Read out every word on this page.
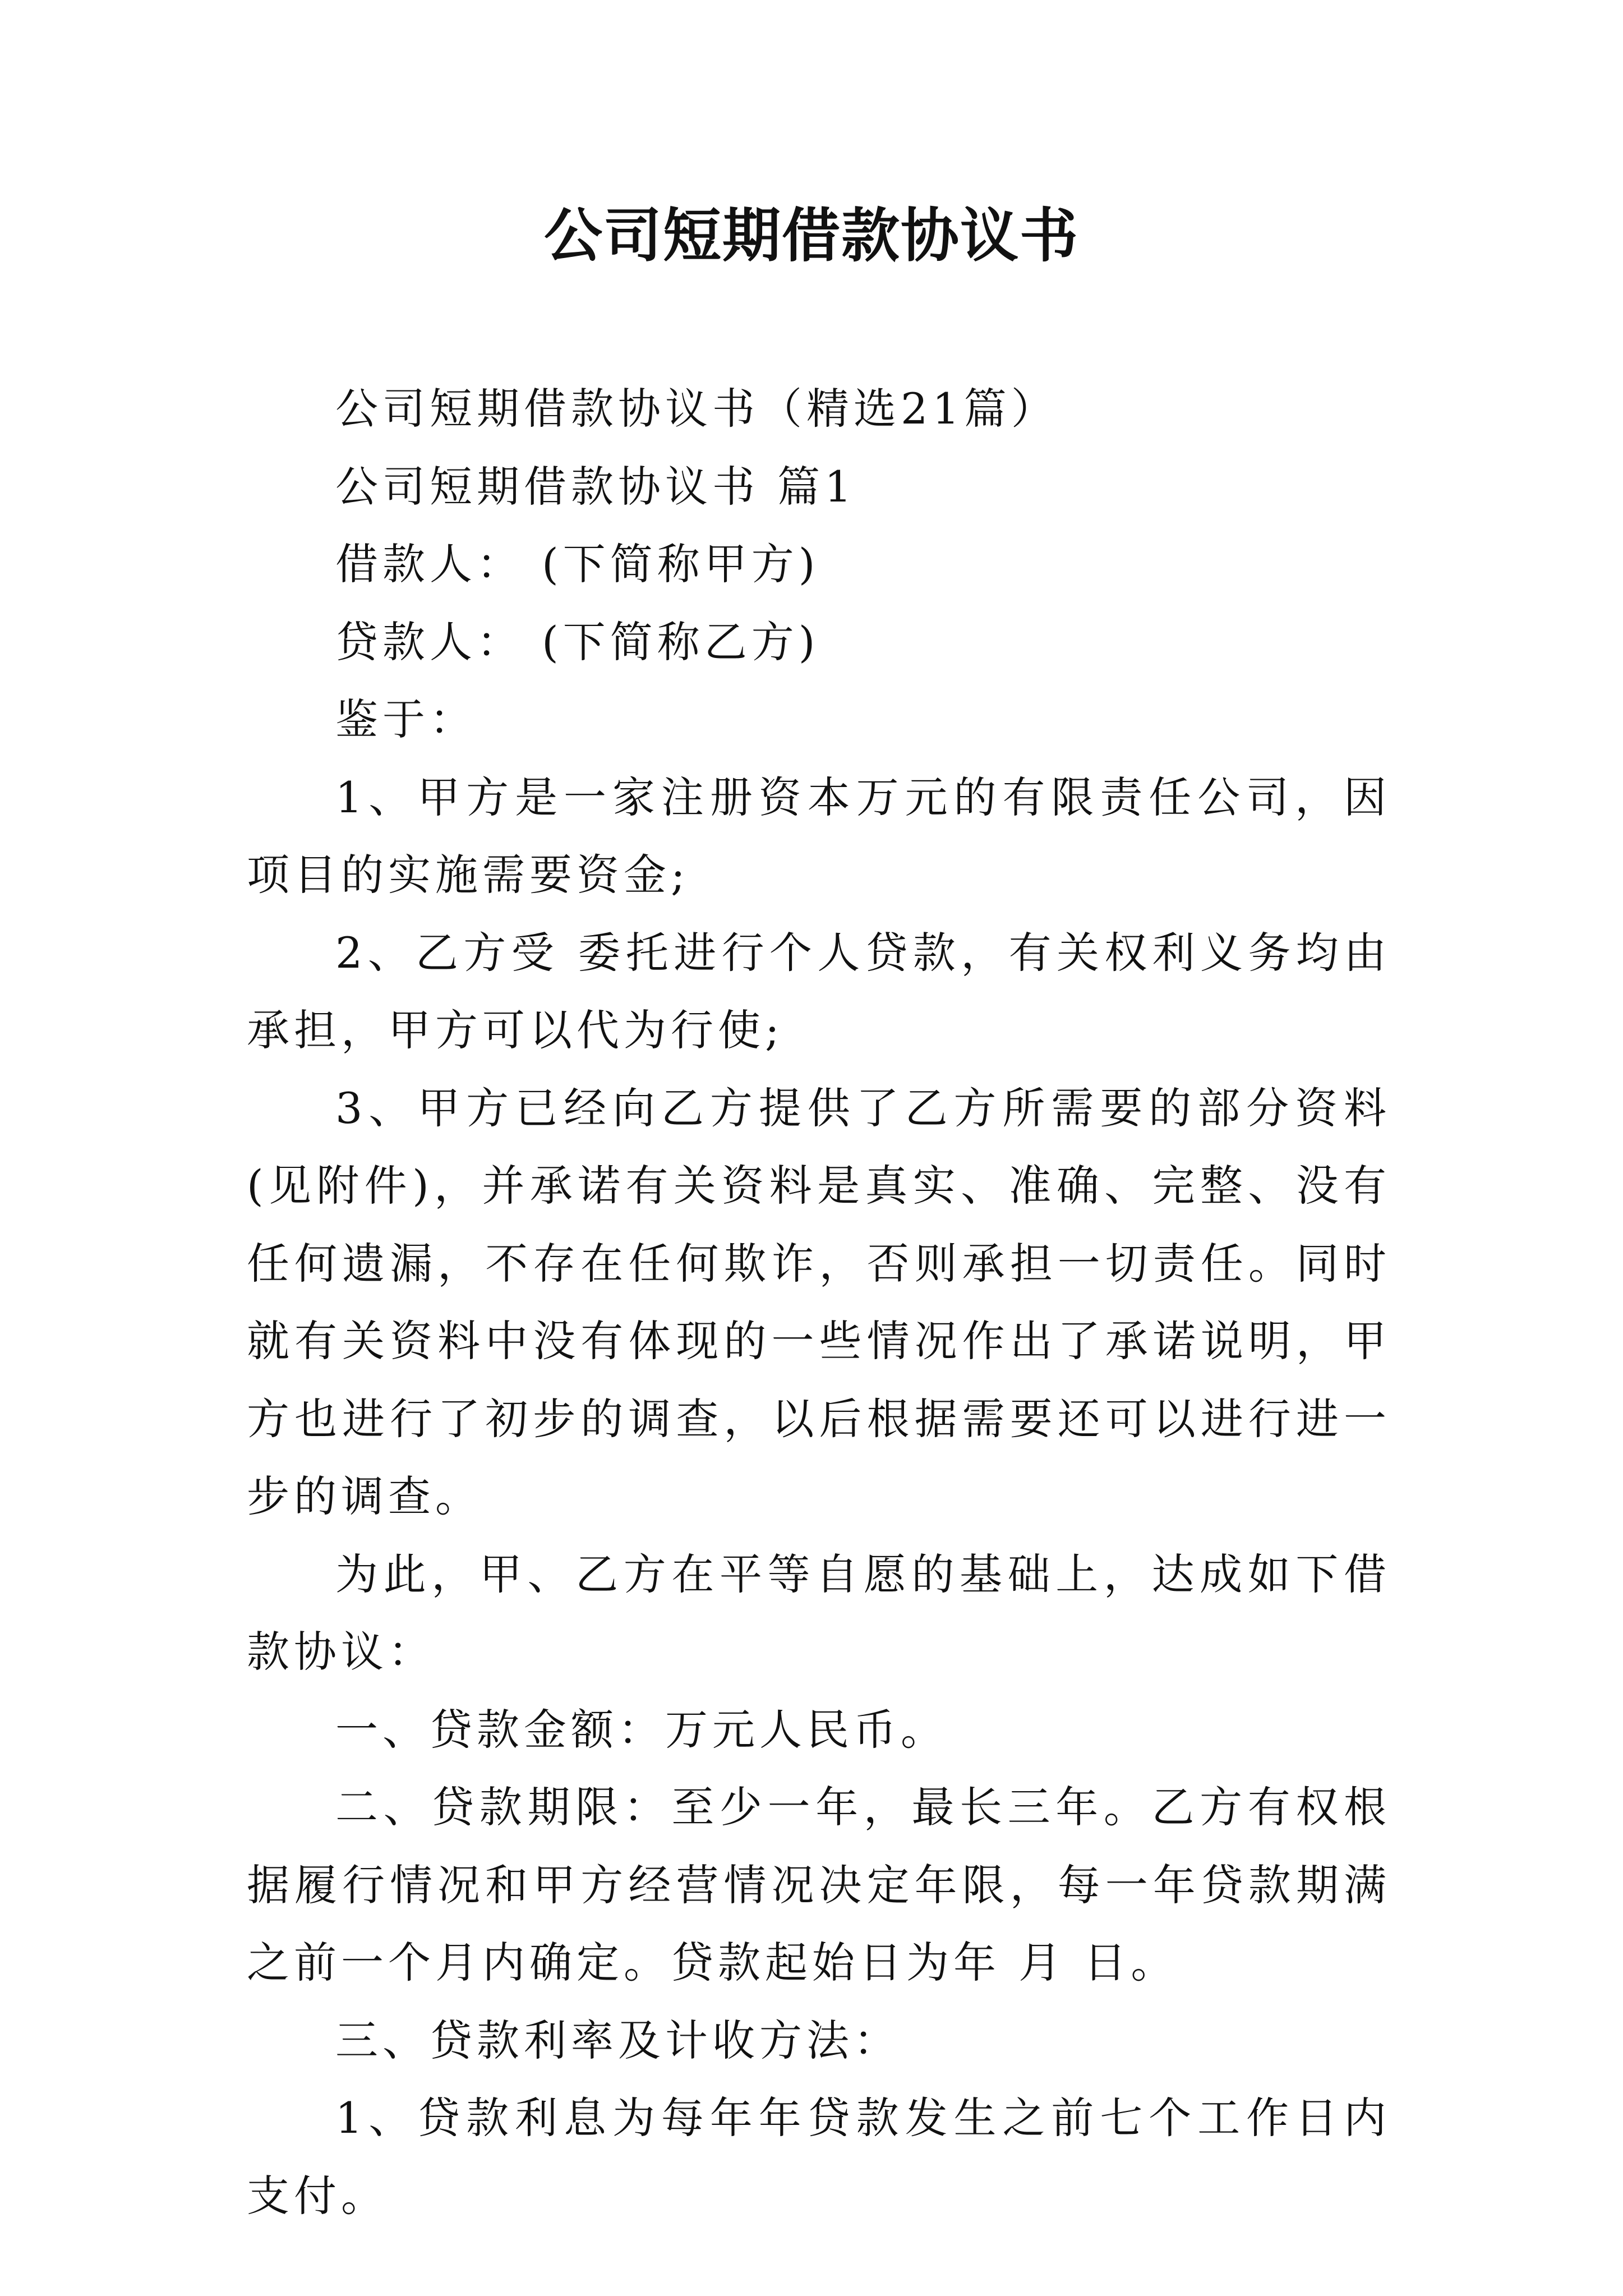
公司短期借款协议书

公司短期借款协议书（精选21篇）

公司短期借款协议书 篇1

借款人： (下简称甲方)

贷款人： (下简称乙方)

鉴于：

1、甲方是一家注册资本万元的有限责任公司，因项目的实施需要资金;

2、乙方受 委托进行个人贷款，有关权利义务均由 承担，甲方可以代为行使;

3、甲方已经向乙方提供了乙方所需要的部分资料(见附件)，并承诺有关资料是真实、准确、完整、没有任何遗漏，不存在任何欺诈，否则承担一切责任。同时就有关资料中没有体现的一些情况作出了承诺说明，甲方也进行了初步的调查，以后根据需要还可以进行进一步的调查。

为此，甲、乙方在平等自愿的基础上，达成如下借款协议：

一、贷款金额：万元人民币。

二、贷款期限：至少一年，最长三年。乙方有权根据履行情况和甲方经营情况决定年限，每一年贷款期满之前一个月内确定。贷款起始日为年 月 日。

三、贷款利率及计收方法：

1、贷款利息为每年年贷款发生之前七个工作日内支付。
